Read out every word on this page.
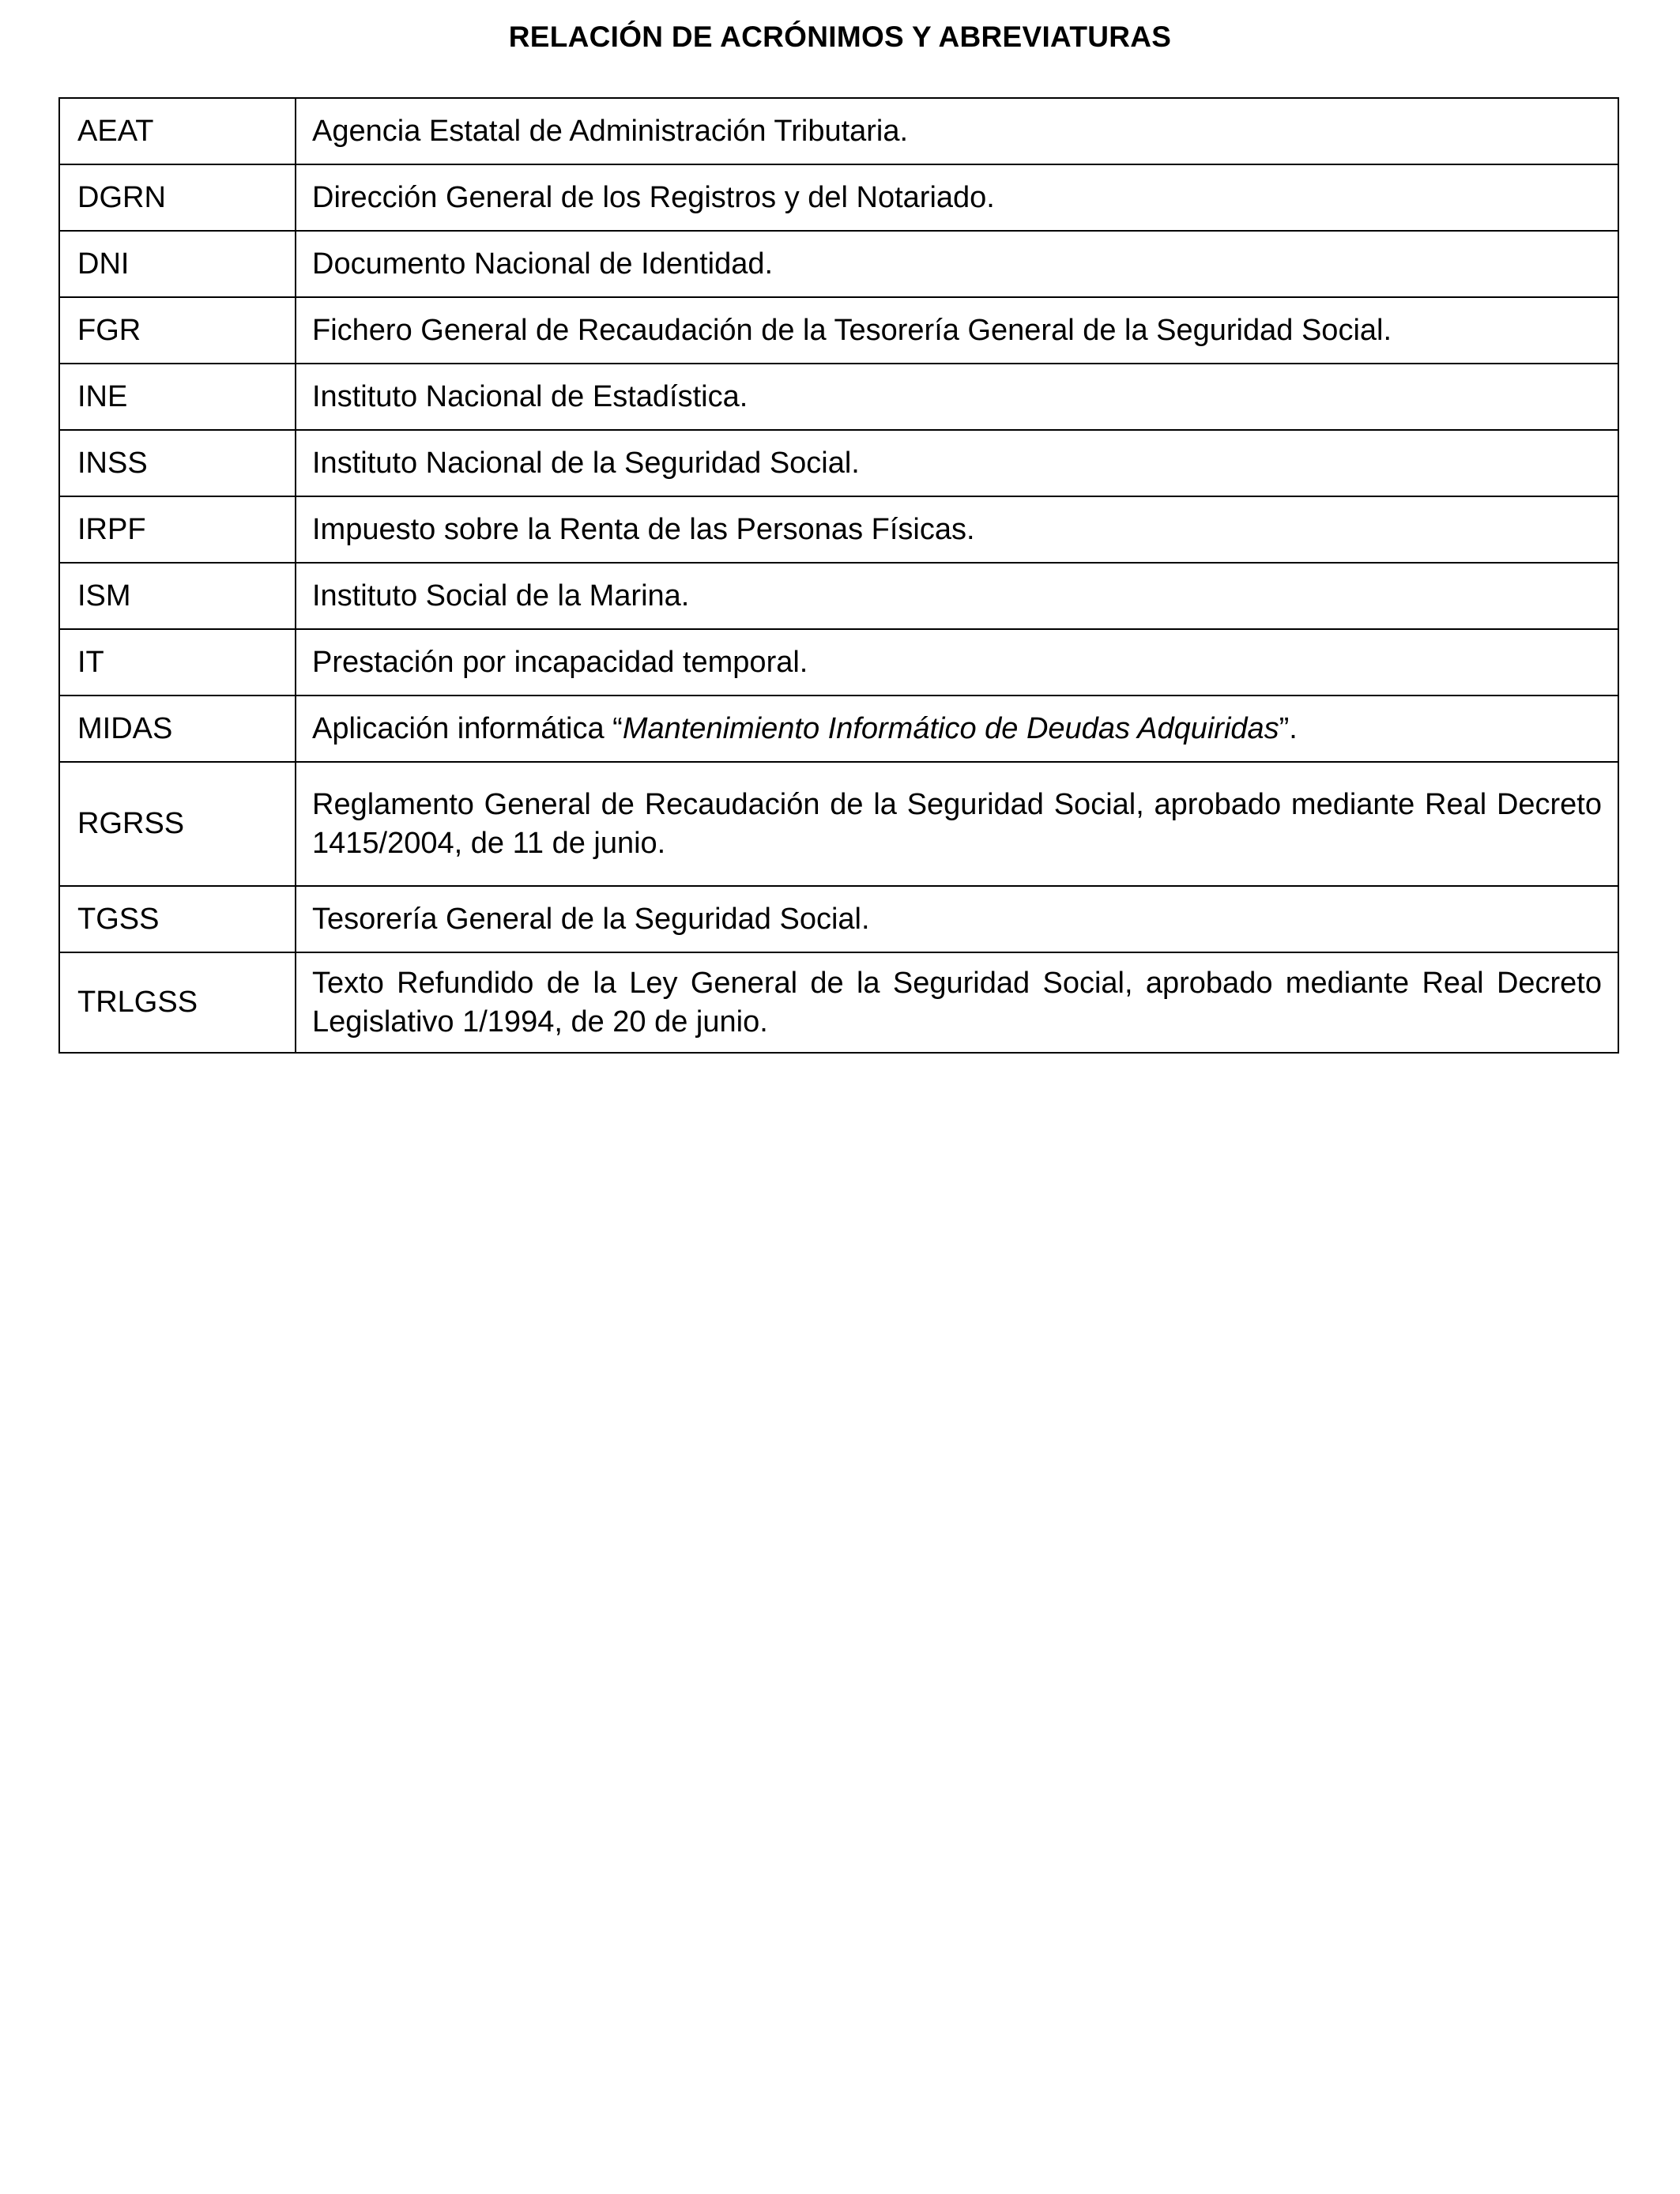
RELACIÓN DE ACRÓNIMOS Y ABREVIATURAS
AEAT	Agencia Estatal de Administración Tributaria.
DGRN	Dirección General de los Registros y del Notariado.
DNI	Documento Nacional de Identidad.
FGR	Fichero General de Recaudación de la Tesorería General de la Seguridad Social.
INE	Instituto Nacional de Estadística.
INSS	Instituto Nacional de la Seguridad Social.
IRPF	Impuesto sobre la Renta de las Personas Físicas.
ISM	Instituto Social de la Marina.
IT	Prestación por incapacidad temporal.
MIDAS	Aplicación informática “Mantenimiento Informático de Deudas Adquiridas”.
RGRSS	Reglamento General de Recaudación de la Seguridad Social, aprobado mediante Real Decreto 1415/2004, de 11 de junio.
TGSS	Tesorería General de la Seguridad Social.
TRLGSS	Texto Refundido de la Ley General de la Seguridad Social, aprobado mediante Real Decreto Legislativo 1/1994, de 20 de junio.
